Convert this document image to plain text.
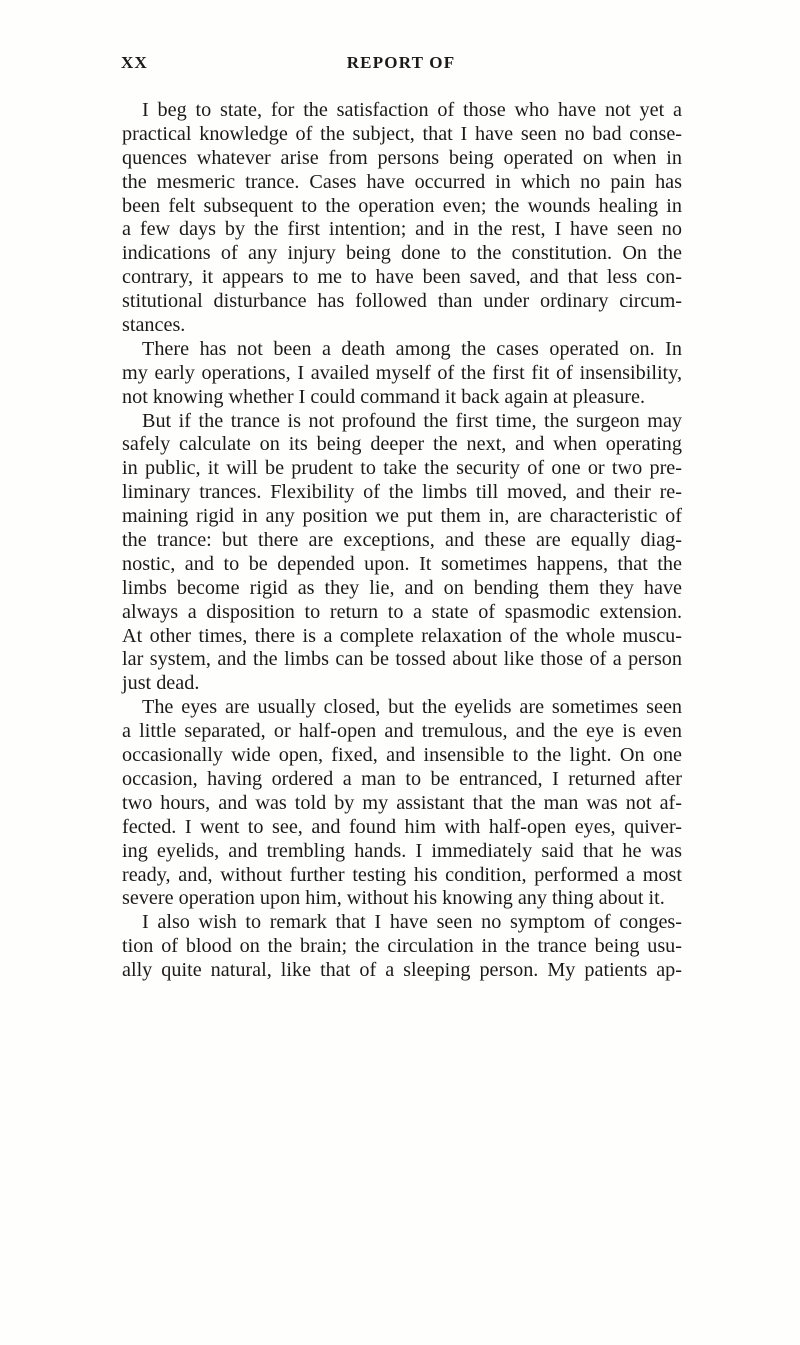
XX	REPORT OF
I beg to state, for the satisfaction of those who have not yet a
practical knowledge of the subject, that I have seen no bad conse-
quences whatever arise from persons being operated on when in
the mesmeric trance. Cases have occurred in which no pain has
been felt subsequent to the operation even; the wounds healing in
a few days by the first intention; and in the rest, I have seen no
indications of any injury being done to the constitution. On the
contrary, it appears to me to have been saved, and that less con-
stitutional disturbance has followed than under ordinary circum-
stances.
There has not been a death among the cases operated on. In
my early operations, I availed myself of the first fit of insensibility,
not knowing whether I could command it back again at pleasure.
But if the trance is not profound the first time, the surgeon may
safely calculate on its being deeper the next, and when operating
in public, it will be prudent to take the security of one or two pre-
liminary trances. Flexibility of the limbs till moved, and their re-
maining rigid in any position we put them in, are characteristic of
the trance: but there are exceptions, and these are equally diag-
nostic, and to be depended upon. It sometimes happens, that the
limbs become rigid as they lie, and on bending them they have
always a disposition to return to a state of spasmodic extension.
At other times, there is a complete relaxation of the whole muscu-
lar system, and the limbs can be tossed about like those of a person
just dead.
The eyes are usually closed, but the eyelids are sometimes seen
a little separated, or half-open and tremulous, and the eye is even
occasionally wide open, fixed, and insensible to the light. On one
occasion, having ordered a man to be entranced, I returned after
two hours, and was told by my assistant that the man was not af-
fected. I went to see, and found him with half-open eyes, quiver-
ing eyelids, and trembling hands. I immediately said that he was
ready, and, without further testing his condition, performed a most
severe operation upon him, without his knowing any thing about it.
I also wish to remark that I have seen no symptom of conges-
tion of blood on the brain; the circulation in the trance being usu-
ally quite natural, like that of a sleeping person. My patients ap-
